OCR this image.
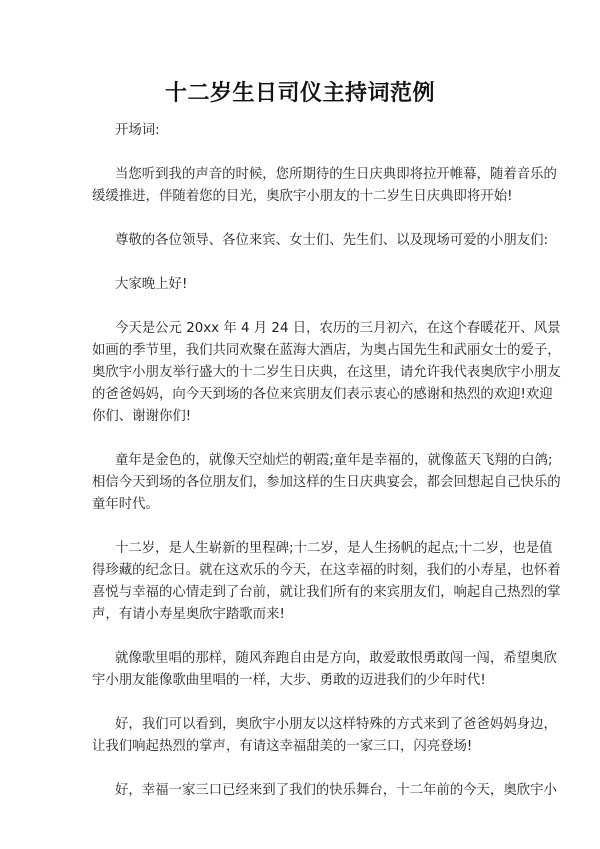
十二岁生日司仪主持词范例

开场词:

当您听到我的声音的时候，您所期待的生日庆典即将拉开帷幕，随着音乐的
缓缓推进，伴随着您的目光，奥欣宇小朋友的十二岁生日庆典即将开始!

尊敬的各位领导、各位来宾、女士们、先生们、以及现场可爱的小朋友们:

大家晚上好!

今天是公元 20xx 年 4 月 24 日，农历的三月初六，在这个春暖花开、风景
如画的季节里，我们共同欢聚在蓝海大酒店，为奥占国先生和武丽女士的爱子，
奥欣宇小朋友举行盛大的十二岁生日庆典，在这里，请允许我代表奥欣宇小朋友
的爸爸妈妈，向今天到场的各位来宾朋友们表示衷心的感谢和热烈的欢迎!欢迎
你们、谢谢你们!

童年是金色的，就像天空灿烂的朝霞;童年是幸福的，就像蓝天飞翔的白鸽;
相信今天到场的各位朋友们，参加这样的生日庆典宴会，都会回想起自己快乐的
童年时代。

十二岁，是人生崭新的里程碑;十二岁，是人生扬帆的起点;十二岁，也是值
得珍藏的纪念日。就在这欢乐的今天，在这幸福的时刻，我们的小寿星，也怀着
喜悦与幸福的心情走到了台前，就让我们所有的来宾朋友们，响起自己热烈的掌
声，有请小寿星奥欣宇踏歌而来!

就像歌里唱的那样，随风奔跑自由是方向，敢爱敢恨勇敢闯一闯，希望奥欣
宇小朋友能像歌曲里唱的一样，大步、勇敢的迈进我们的少年时代!

好，我们可以看到，奥欣宇小朋友以这样特殊的方式来到了爸爸妈妈身边，
让我们响起热烈的掌声，有请这幸福甜美的一家三口，闪亮登场!

好，幸福一家三口已经来到了我们的快乐舞台，十二年前的今天，奥欣宇小
